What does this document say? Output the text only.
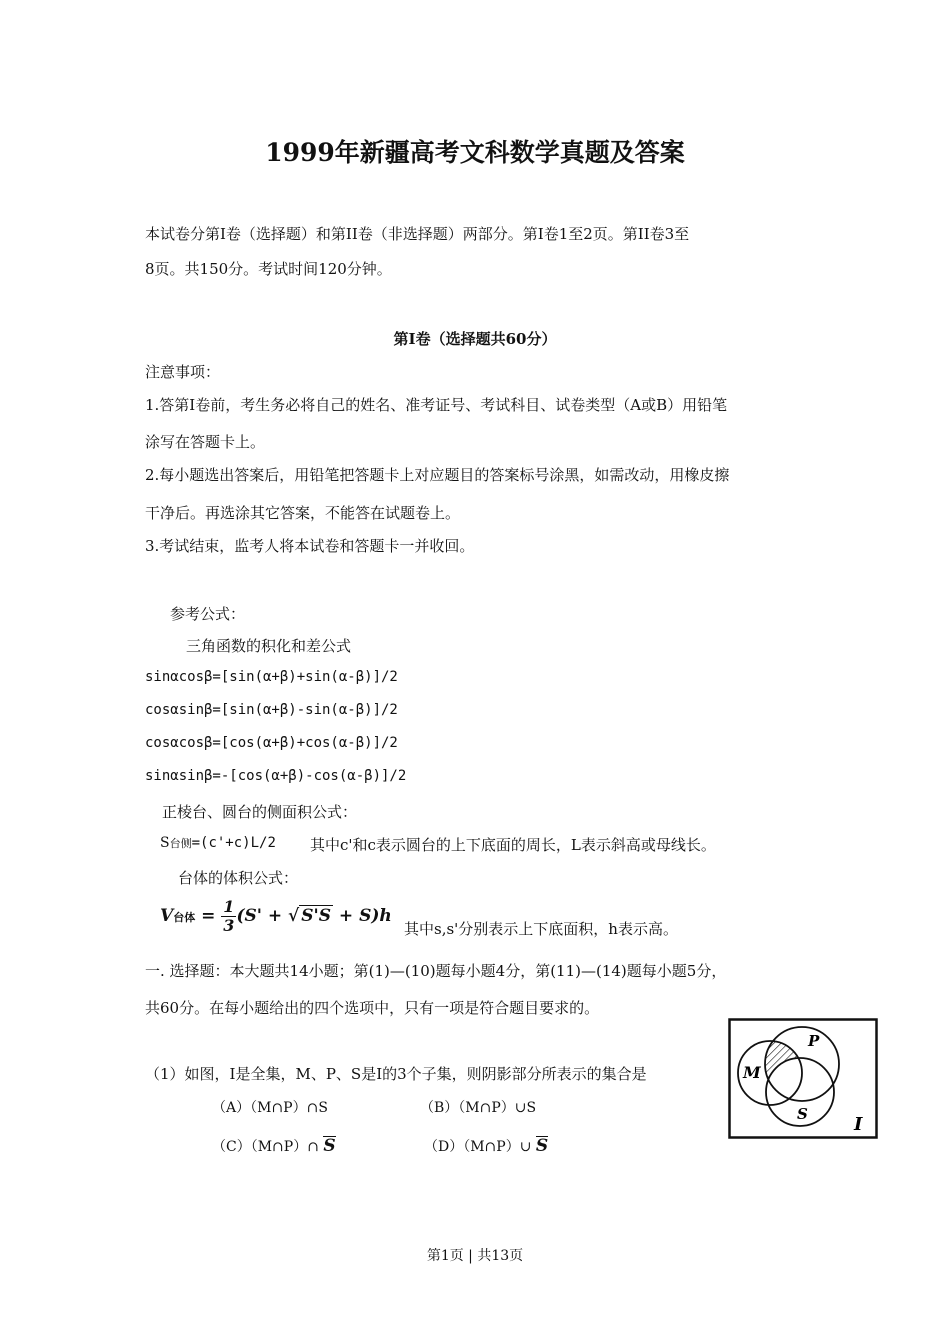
1999年新疆高考文科数学真题及答案
本试卷分第Ⅰ卷（选择题）和第II卷（非选择题）两部分。第Ⅰ卷1至2页。第II卷3至
8页。共150分。考试时间120分钟。
第Ⅰ卷（选择题共60分）
注意事项：
1.答第Ⅰ卷前，考生务必将自己的姓名、准考证号、考试科目、试卷类型（A或B）用铅笔
涂写在答题卡上。
2.每小题选出答案后，用铅笔把答题卡上对应题目的答案标号涂黑，如需改动，用橡皮擦
干净后。再选涂其它答案，不能答在试题卷上。
3.考试结束，监考人将本试卷和答题卡一并收回。
参考公式：
三角函数的积化和差公式
sinαcosβ=[sin(α+β)+sin(α-β)]/2
cosαsinβ=[sin(α+β)-sin(α-β)]/2
cosαcosβ=[cos(α+β)+cos(α-β)]/2
sinαsinβ=-[cos(α+β)-cos(α-β)]/2
正棱台、圆台的侧面积公式：
S台侧=(c'+c)L/2 其中c'和c表示圆台的上下底面的周长，L表示斜高或母线长。
台体的体积公式：
V台体 = $\frac{1}{3} (S'$ + √ S'S + S)h
其中s,s'分别表示上下底面积，h表示高。
一. 选择题：本大题共14小题；第(1)—(10)题每小题4分，第(11)—(14)题每小题5分，
共60分。在每小题给出的四个选项中，只有一项是符合题目要求的。
（1）如图，I是全集，M、P、S是I的3个子集，则阴影部分所表示的集合是
（A）（M∩P）∩S	（B）（M∩P）∪S
（C）（M∩P）∩ S	（D）（M∩P）∪ S
M
P
S	I
第1页 | 共13页
